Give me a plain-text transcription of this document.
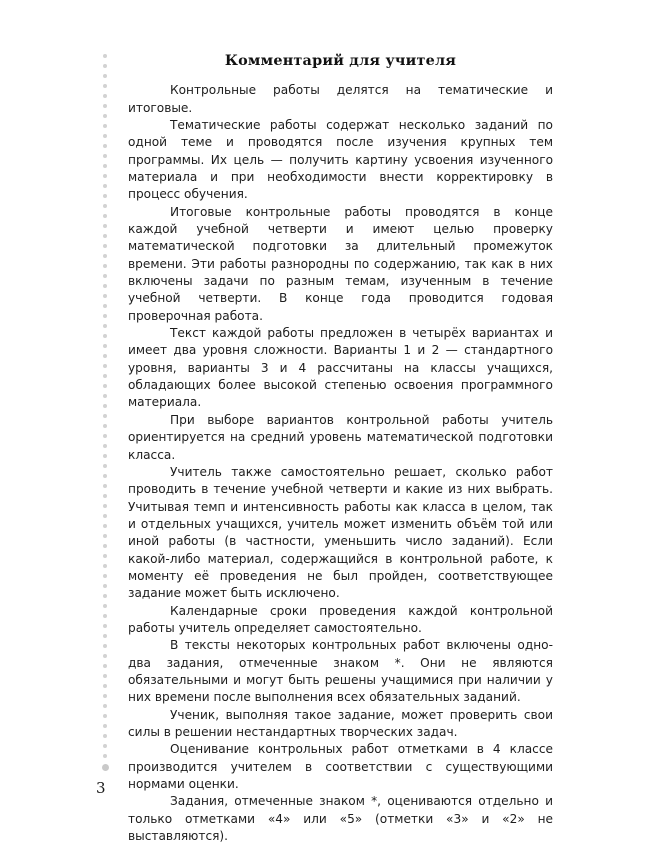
Комментарий для учителя

Контрольные работы делятся на тематические и итоговые.

Тематические работы содержат несколько заданий по одной теме и проводятся после изучения крупных тем программы. Их цель — получить картину усвоения изученного материала и при необходимости внести корректировку в процесс обучения.

Итоговые контрольные работы проводятся в конце каждой учебной четверти и имеют целью проверку математической подготовки за длительный промежуток времени. Эти работы разнородны по содержанию, так как в них включены задачи по разным темам, изученным в течение учебной четверти. В конце года проводится годовая проверочная работа.

Текст каждой работы предложен в четырёх вариантах и имеет два уровня сложности. Варианты 1 и 2 — стандартного уровня, варианты 3 и 4 рассчитаны на классы учащихся, обладающих более высокой степенью освоения программного материала.

При выборе вариантов контрольной работы учитель ориентируется на средний уровень математической подготовки класса.

Учитель также самостоятельно решает, сколько работ проводить в течение учебной четверти и какие из них выбрать. Учитывая темп и интенсивность работы как класса в целом, так и отдельных учащихся, учитель может изменить объём той или иной работы (в частности, уменьшить число заданий). Если какой-либо материал, содержащийся в контрольной работе, к моменту её проведения не был пройден, соответствующее задание может быть исключено.

Календарные сроки проведения каждой контрольной работы учитель определяет самостоятельно.

В тексты некоторых контрольных работ включены одно-два задания, отмеченные знаком *. Они не являются обязательными и могут быть решены учащимися при наличии у них времени после выполнения всех обязательных заданий.

Ученик, выполняя такое задание, может проверить свои силы в решении нестандартных творческих задач.

Оценивание контрольных работ отметками в 4 классе производится учителем в соответствии с существующими нормами оценки.

Задания, отмеченные знаком *, оцениваются отдельно и только отметками «4» или «5» (отметки «3» и «2» не выставляются).

3
